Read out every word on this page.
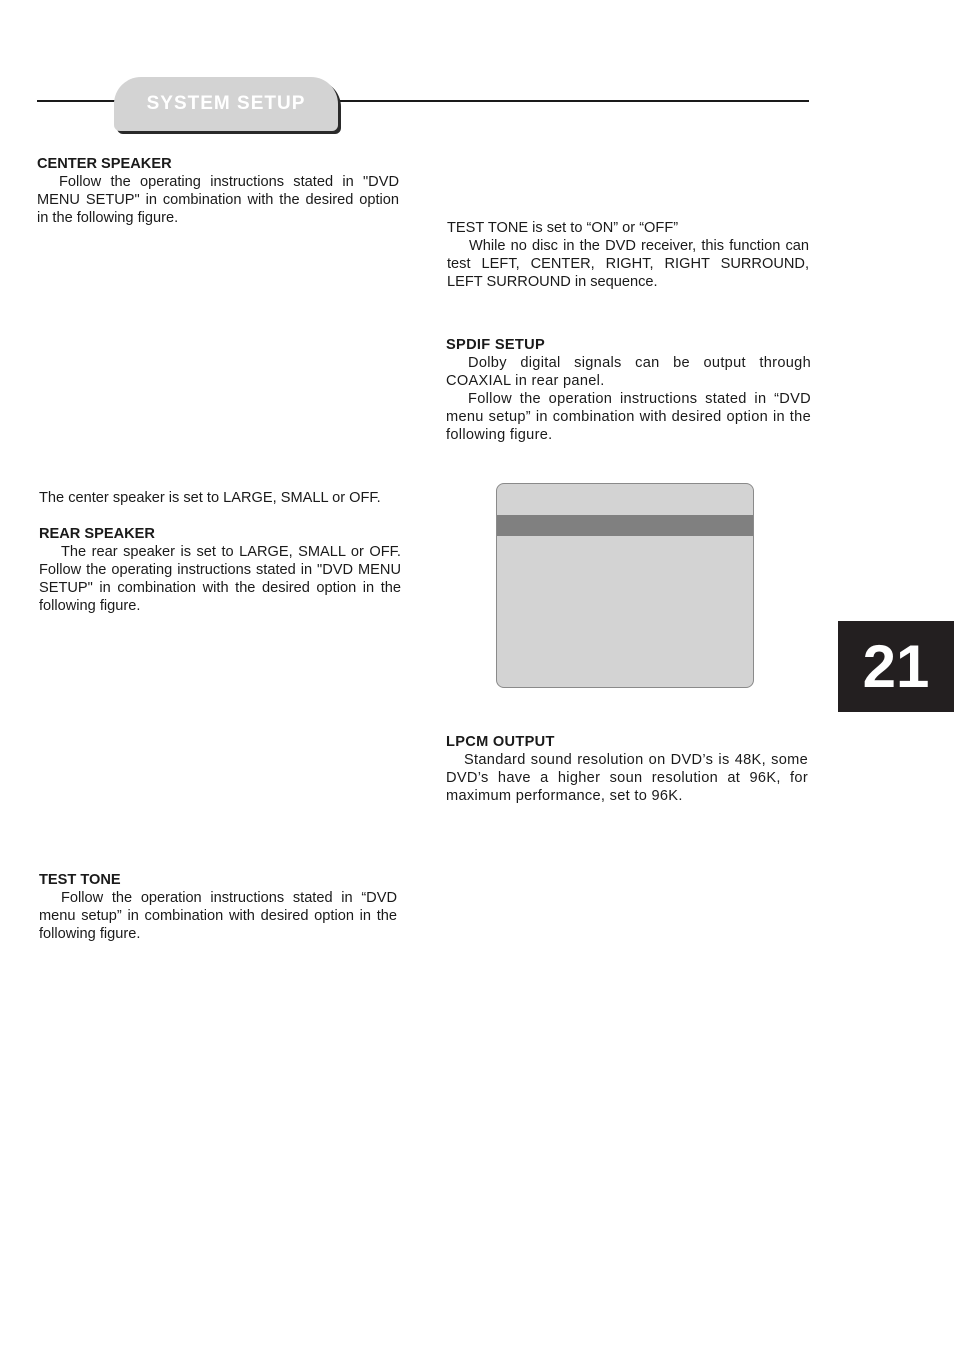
SYSTEM SETUP
CENTER SPEAKER

Follow the operating instructions stated in "DVD MENU SETUP" in combination with the desired option in the following figure.

The center speaker is set to LARGE, SMALL or OFF.

REAR SPEAKER

The rear speaker is set to LARGE, SMALL or OFF. Follow the operating instructions stated in "DVD MENU SETUP" in combination with the desired option in the following figure.

TEST TONE

Follow the operation instructions stated in “DVD menu setup” in combination with desired option in the following figure.

TEST TONE is set to “ON” or “OFF”

While no disc in the DVD receiver, this function can test LEFT, CENTER, RIGHT, RIGHT SURROUND, LEFT SURROUND in sequence.

SPDIF SETUP

Dolby digital signals can be output through COAXIAL in rear panel.

Follow the operation instructions stated in “DVD menu setup” in combination with desired option in the following figure.

LPCM OUTPUT

Standard sound resolution on DVD’s is 48K, some DVD’s have a higher soun resolution at 96K, for maximum performance, set to 96K.

21
